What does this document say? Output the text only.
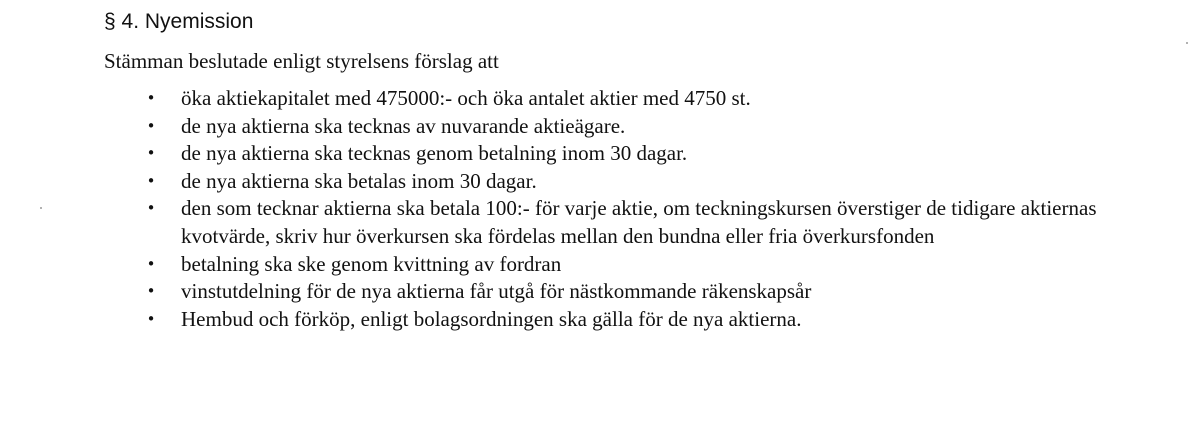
§ 4. Nyemission

Stämman beslutade enligt styrelsens förslag att

• öka aktiekapitalet med 475000:- och öka antalet aktier med 4750 st.
• de nya aktierna ska tecknas av nuvarande aktieägare.
• de nya aktierna ska tecknas genom betalning inom 30 dagar.
• de nya aktierna ska betalas inom 30 dagar.
• den som tecknar aktierna ska betala 100:- för varje aktie, om teckningskursen överstiger de tidigare aktiernas kvotvärde, skriv hur överkursen ska fördelas mellan den bundna eller fria överkursfonden
• betalning ska ske genom kvittning av fordran
• vinstutdelning för de nya aktierna får utgå för nästkommande räkenskapsår
• Hembud och förköp, enligt bolagsordningen ska gälla för de nya aktierna.
